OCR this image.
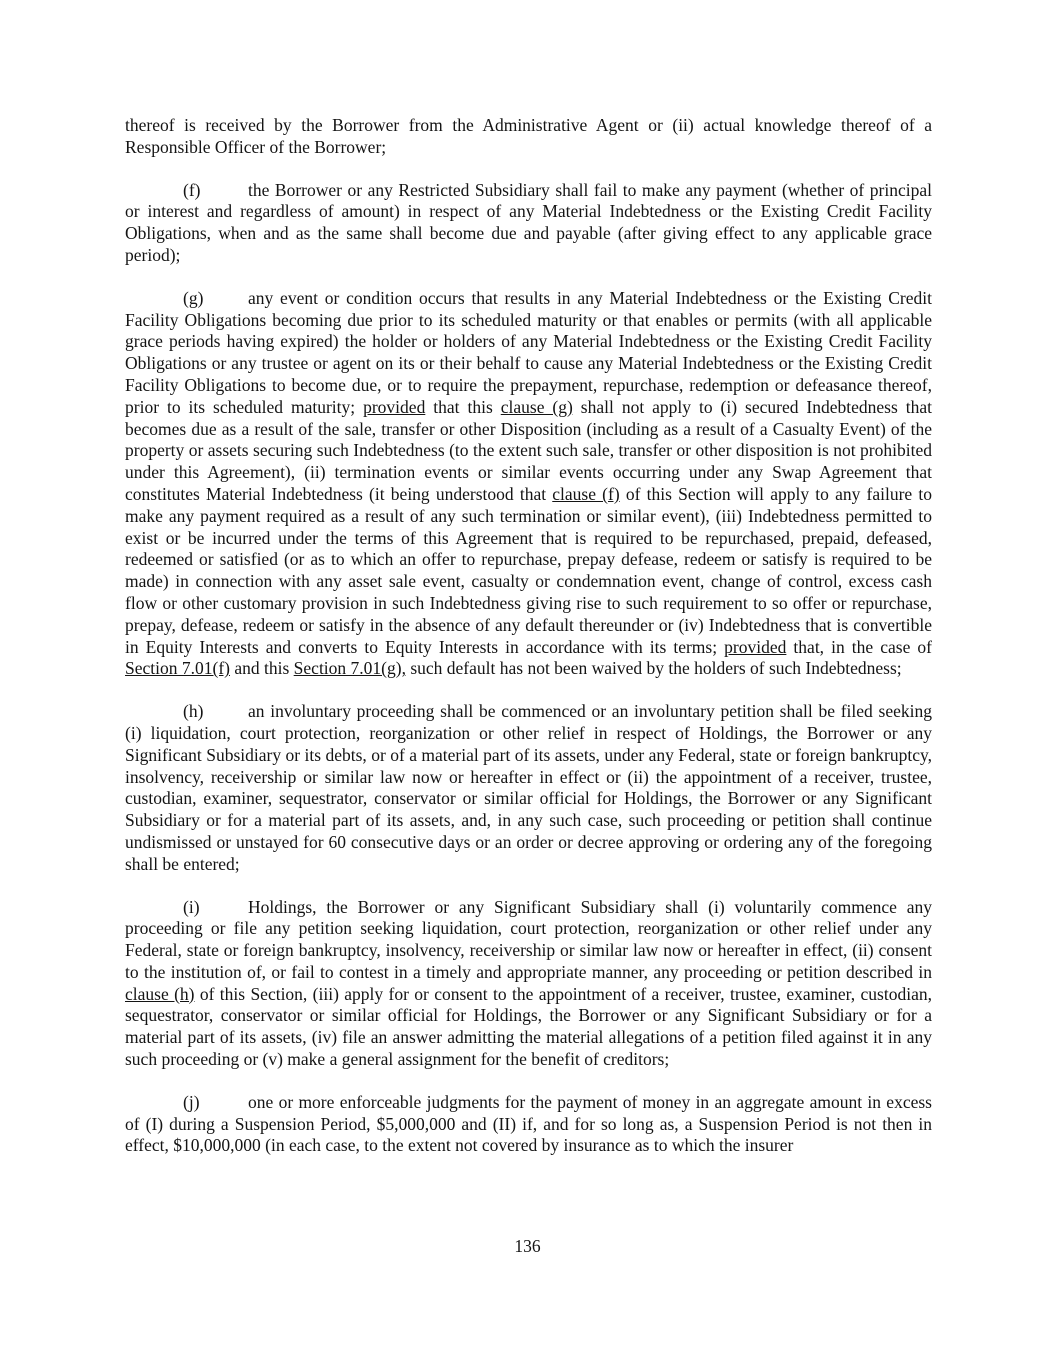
thereof is received by the Borrower from the Administrative Agent or (ii) actual knowledge thereof of a Responsible Officer of the Borrower;

(f)	the Borrower or any Restricted Subsidiary shall fail to make any payment (whether of principal or interest and regardless of amount) in respect of any Material Indebtedness or the Existing Credit Facility Obligations, when and as the same shall become due and payable (after giving effect to any applicable grace period);

(g)	any event or condition occurs that results in any Material Indebtedness or the Existing Credit Facility Obligations becoming due prior to its scheduled maturity or that enables or permits (with all applicable grace periods having expired) the holder or holders of any Material Indebtedness or the Existing Credit Facility Obligations or any trustee or agent on its or their behalf to cause any Material Indebtedness or the Existing Credit Facility Obligations to become due, or to require the prepayment, repurchase, redemption or defeasance thereof, prior to its scheduled maturity; provided that this clause (g) shall not apply to (i) secured Indebtedness that becomes due as a result of the sale, transfer or other Disposition (including as a result of a Casualty Event) of the property or assets securing such Indebtedness (to the extent such sale, transfer or other disposition is not prohibited under this Agreement), (ii) termination events or similar events occurring under any Swap Agreement that constitutes Material Indebtedness (it being understood that clause (f) of this Section will apply to any failure to make any payment required as a result of any such termination or similar event), (iii) Indebtedness permitted to exist or be incurred under the terms of this Agreement that is required to be repurchased, prepaid, defeased, redeemed or satisfied (or as to which an offer to repurchase, prepay defease, redeem or satisfy is required to be made) in connection with any asset sale event, casualty or condemnation event, change of control, excess cash flow or other customary provision in such Indebtedness giving rise to such requirement to so offer or repurchase, prepay, defease, redeem or satisfy in the absence of any default thereunder or (iv) Indebtedness that is convertible in Equity Interests and converts to Equity Interests in accordance with its terms; provided that, in the case of Section 7.01(f) and this Section 7.01(g), such default has not been waived by the holders of such Indebtedness;

(h)	an involuntary proceeding shall be commenced or an involuntary petition shall be filed seeking (i) liquidation, court protection, reorganization or other relief in respect of Holdings, the Borrower or any Significant Subsidiary or its debts, or of a material part of its assets, under any Federal, state or foreign bankruptcy, insolvency, receivership or similar law now or hereafter in effect or (ii) the appointment of a receiver, trustee, custodian, examiner, sequestrator, conservator or similar official for Holdings, the Borrower or any Significant Subsidiary or for a material part of its assets, and, in any such case, such proceeding or petition shall continue undismissed or unstayed for 60 consecutive days or an order or decree approving or ordering any of the foregoing shall be entered;

(i)	Holdings, the Borrower or any Significant Subsidiary shall (i) voluntarily commence any proceeding or file any petition seeking liquidation, court protection, reorganization or other relief under any Federal, state or foreign bankruptcy, insolvency, receivership or similar law now or hereafter in effect, (ii) consent to the institution of, or fail to contest in a timely and appropriate manner, any proceeding or petition described in clause (h) of this Section, (iii) apply for or consent to the appointment of a receiver, trustee, examiner, custodian, sequestrator, conservator or similar official for Holdings, the Borrower or any Significant Subsidiary or for a material part of its assets, (iv) file an answer admitting the material allegations of a petition filed against it in any such proceeding or (v) make a general assignment for the benefit of creditors;

(j)	one or more enforceable judgments for the payment of money in an aggregate amount in excess of (I) during a Suspension Period, $5,000,000 and (II) if, and for so long as, a Suspension Period is not then in effect, $10,000,000 (in each case, to the extent not covered by insurance as to which the insurer

136
